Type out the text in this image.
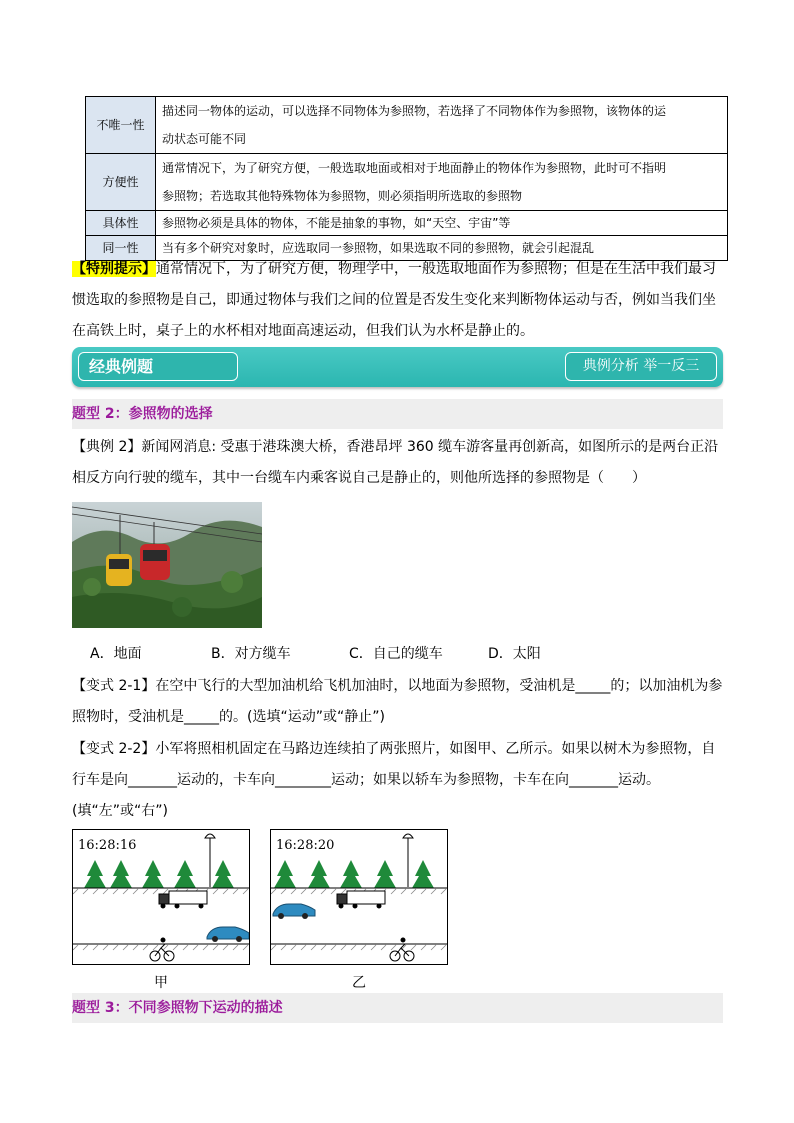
不唯一性	描述同一物体的运动，可以选择不同物体为参照物，若选择了不同物体作为参照物，该物体的运
动状态可能不同

方便性	通常情况下，为了研究方便，一般选取地面或相对于地面静止的物体作为参照物，此时可不指明
参照物；若选取其他特殊物体为参照物，则必须指明所选取的参照物

具体性	参照物必须是具体的物体，不能是抽象的事物，如“天空、宇宙”等

同一性	当有多个研究对象时，应选取同一参照物，如果选取不同的参照物，就会引起混乱
【特别提示】通常情况下，为了研究方便，物理学中，一般选取地面作为参照物；但是在生活中我们最习惯选取的参照物是自己，即通过物体与我们之间的位置是否发生变化来判断物体运动与否，例如当我们坐在高铁上时，桌子上的水杯相对地面高速运动，但我们认为水杯是静止的。
经典例题	典例分析 举一反三
题型 2：参照物的选择
【典例 2】新闻网消息: 受惠于港珠澳大桥，香港昂坪 360 缆车游客量再创新高，如图所示的是两台正沿相反方向行驶的缆车，其中一台缆车内乘客说自己是静止的，则他所选择的参照物是（　　）
A．地面	B．对方缆车	C．自己的缆车	D．太阳
【变式 2-1】在空中飞行的大型加油机给飞机加油时，以地面为参照物，受油机是_____的；以加油机为参照物时，受油机是_____的。(选填“运动”或“静止”)
【变式 2-2】小军将照相机固定在马路边连续拍了两张照片，如图甲、乙所示。如果以树木为参照物，自行车是向_______运动的，卡车向________运动；如果以轿车为参照物，卡车在向_______运动。(填“左”或“右”)
16:28:16
甲
16:28:20
乙
题型 3：不同参照物下运动的描述
